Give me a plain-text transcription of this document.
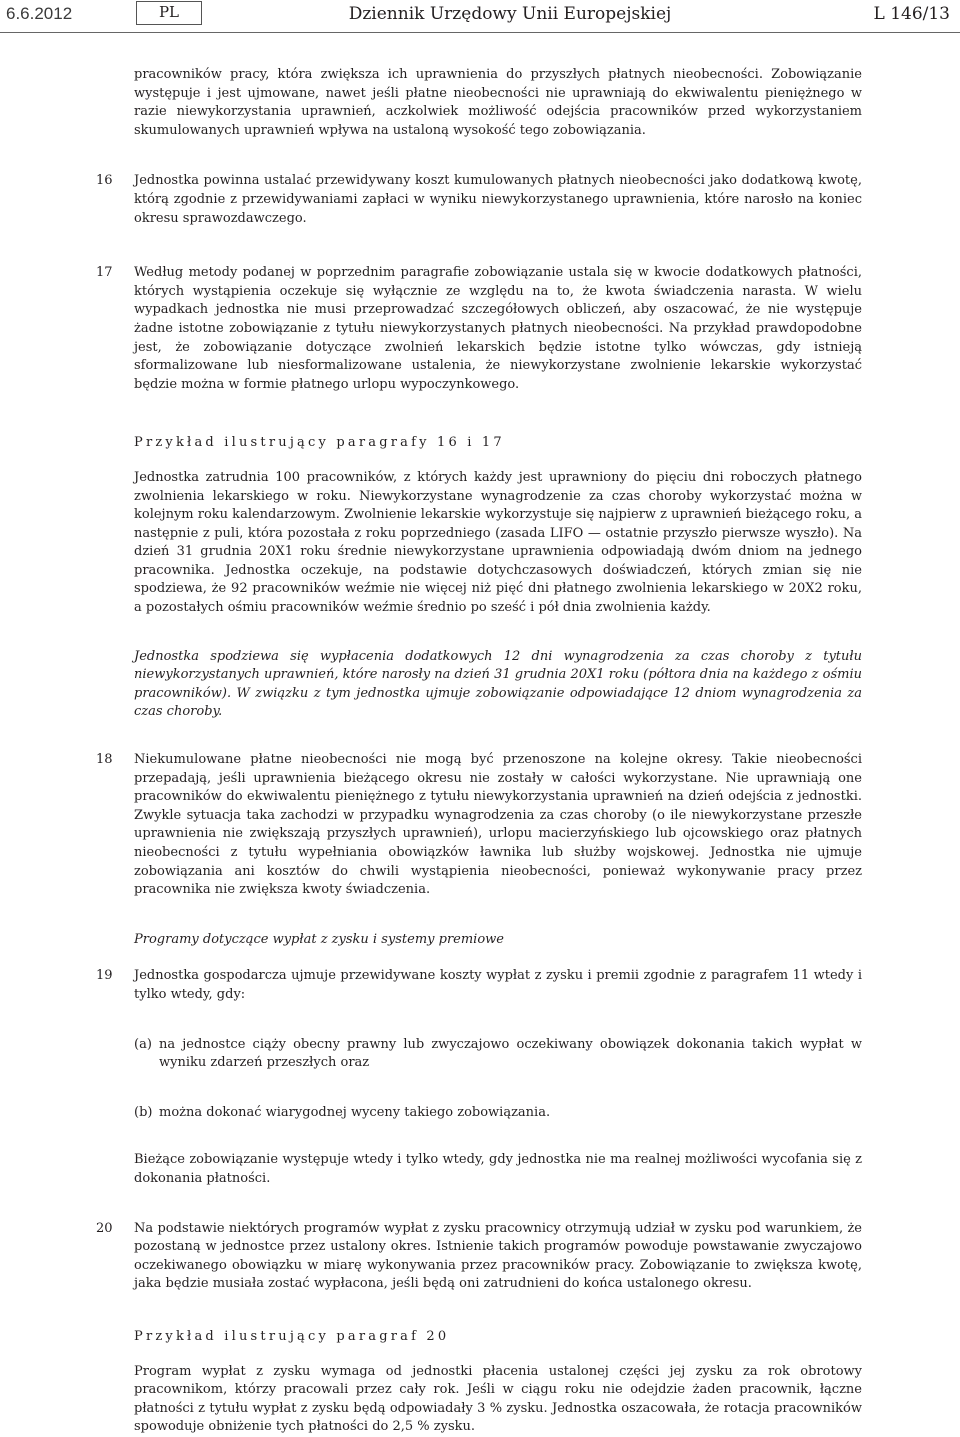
6.6.2012	PL	Dziennik Urzędowy Unii Europejskiej	L 146/13

pracowników pracy, która zwiększa ich uprawnienia do przyszłych płatnych nieobecności. Zobowiązanie występuje i jest ujmowane, nawet jeśli płatne nieobecności nie uprawniają do ekwiwalentu pieniężnego w razie niewykorzystania uprawnień, aczkolwiek możliwość odejścia pracowników przed wykorzystaniem skumulowanych uprawnień wpływa na ustaloną wysokość tego zobowiązania.

16 Jednostka powinna ustalać przewidywany koszt kumulowanych płatnych nieobecności jako dodatkową kwotę, którą zgodnie z przewidywaniami zapłaci w wyniku niewykorzystanego uprawnienia, które narosło na koniec okresu sprawozdawczego.

17 Według metody podanej w poprzednim paragrafie zobowiązanie ustala się w kwocie dodatkowych płatności, których wystąpienia oczekuje się wyłącznie ze względu na to, że kwota świadczenia narasta. W wielu wypadkach jednostka nie musi przeprowadzać szczegółowych obliczeń, aby oszacować, że nie występuje żadne istotne zobowiązanie z tytułu niewykorzystanych płatnych nieobecności. Na przykład prawdopodobne jest, że zobowiązanie dotyczące zwolnień lekarskich będzie istotne tylko wówczas, gdy istnieją sformalizowane lub niesformalizowane ustalenia, że niewykorzystane zwolnienie lekarskie wykorzystać będzie można w formie płatnego urlopu wypoczynkowego.

Przykład ilustrujący paragrafy 16 i 17

Jednostka zatrudnia 100 pracowników, z których każdy jest uprawniony do pięciu dni roboczych płatnego zwolnienia lekarskiego w roku. Niewykorzystane wynagrodzenie za czas choroby wykorzystać można w kolejnym roku kalendarzowym. Zwolnienie lekarskie wykorzystuje się najpierw z uprawnień bieżącego roku, a następnie z puli, która pozostała z roku poprzedniego (zasada LIFO — ostatnie przyszło pierwsze wyszło). Na dzień 31 grudnia 20X1 roku średnie niewykorzystane uprawnienia odpowiadają dwóm dniom na jednego pracownika. Jednostka oczekuje, na podstawie dotychczasowych doświadczeń, których zmian się nie spodziewa, że 92 pracowników weźmie nie więcej niż pięć dni płatnego zwolnienia lekarskiego w 20X2 roku, a pozostałych ośmiu pracowników weźmie średnio po sześć i pół dnia zwolnienia każdy.

Jednostka spodziewa się wypłacenia dodatkowych 12 dni wynagrodzenia za czas choroby z tytułu niewykorzystanych uprawnień, które narosły na dzień 31 grudnia 20X1 roku (półtora dnia na każdego z ośmiu pracowników). W związku z tym jednostka ujmuje zobowiązanie odpowiadające 12 dniom wynagrodzenia za czas choroby.

18 Niekumulowane płatne nieobecności nie mogą być przenoszone na kolejne okresy. Takie nieobecności przepadają, jeśli uprawnienia bieżącego okresu nie zostały w całości wykorzystane. Nie uprawniają one pracowników do ekwiwalentu pieniężnego z tytułu niewykorzystania uprawnień na dzień odejścia z jednostki. Zwykle sytuacja taka zachodzi w przypadku wynagrodzenia za czas choroby (o ile niewykorzystane przeszłe uprawnienia nie zwiększają przyszłych uprawnień), urlopu macierzyńskiego lub ojcowskiego oraz płatnych nieobecności z tytułu wypełniania obowiązków ławnika lub służby wojskowej. Jednostka nie ujmuje zobowiązania ani kosztów do chwili wystąpienia nieobecności, ponieważ wykonywanie pracy przez pracownika nie zwiększa kwoty świadczenia.

Programy dotyczące wypłat z zysku i systemy premiowe

19 Jednostka gospodarcza ujmuje przewidywane koszty wypłat z zysku i premii zgodnie z paragrafem 11 wtedy i tylko wtedy, gdy:

(a) na jednostce ciąży obecny prawny lub zwyczajowo oczekiwany obowiązek dokonania takich wypłat w wyniku zdarzeń przeszłych oraz

(b) można dokonać wiarygodnej wyceny takiego zobowiązania.

Bieżące zobowiązanie występuje wtedy i tylko wtedy, gdy jednostka nie ma realnej możliwości wycofania się z dokonania płatności.

20 Na podstawie niektórych programów wypłat z zysku pracownicy otrzymują udział w zysku pod warunkiem, że pozostaną w jednostce przez ustalony okres. Istnienie takich programów powoduje powstawanie zwyczajowo oczekiwanego obowiązku w miarę wykonywania przez pracowników pracy. Zobowiązanie to zwiększa kwotę, jaka będzie musiała zostać wypłacona, jeśli będą oni zatrudnieni do końca ustalonego okresu.

Przykład ilustrujący paragraf 20

Program wypłat z zysku wymaga od jednostki płacenia ustalonej części jej zysku za rok obrotowy pracownikom, którzy pracowali przez cały rok. Jeśli w ciągu roku nie odejdzie żaden pracownik, łączne płatności z tytułu wypłat z zysku będą odpowiadały 3 % zysku. Jednostka oszacowała, że rotacja pracowników spowoduje obniżenie tych płatności do 2,5 % zysku.
